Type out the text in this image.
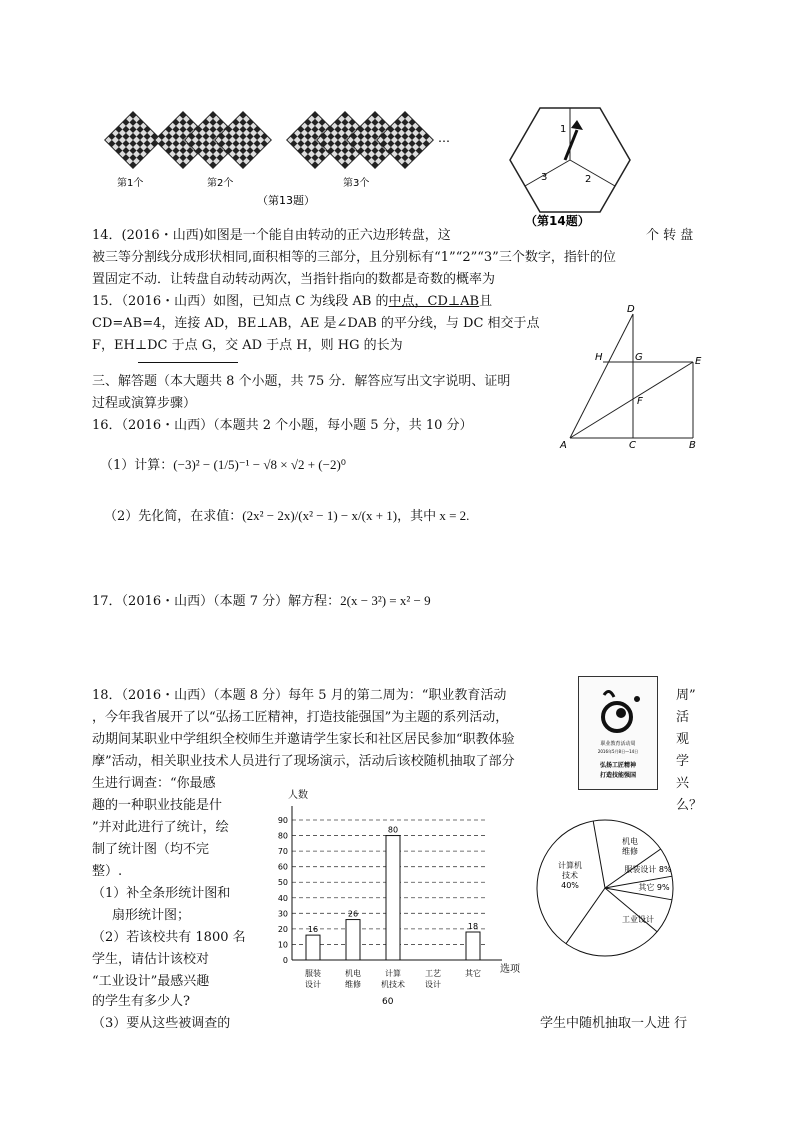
第1个	第2个	第3个
…
（第13题）
1
2
3
（第14题）
14．(2016・山西)如图是一个能自由转动的正六边形转盘，这	个 转 盘
被三等分割线分成形状相同,面积相等的三部分，且分别标有“1”“2”“3”三个数字，指针的位
置固定不动．让转盘自动转动两次，当指针指向的数都是奇数的概率为
15．（2016・山西）如图，已知点 C 为线段 AB 的中点，CD⊥AB且
CD=AB=4，连接 AD，BE⊥AB，AE 是∠DAB 的平分线，与 DC 相交于点
F，EH⊥DC 于点 G，交 AD 于点 H，则 HG 的长为
D
H	G	E
F
A	C	B
三、解答题（本大题共 8 个小题，共 75 分．解答应写出文字说明、证明
过程或演算步骤）
16．（2016・山西）（本题共 2 个小题，每小题 5 分，共 10 分）
（1）计算：(−3)² − (1/5)⁻¹ − √8 × √2 + (−2)⁰
（2）先化简，在求值：(2x² − 2x)/(x² − 1) − x/(x + 1)，其中 x = 2.
17．（2016・山西）（本题 7 分）解方程：2(x − 3²) = x² − 9
18．（2016・山西）（本题 8 分）每年 5 月的第二周为：“职业教育活动	周”
，今年我省展开了以“弘扬工匠精神，打造技能强国”为主题的系列活动，	活
动期间某职业中学组织全校师生并邀请学生家长和社区居民参加“职教体验	观
摩”活动，相关职业技术人员进行了现场演示，活动后该校随机抽取了部分	学
生进行调查：“你最感	兴
趣的一种职业技能是什	么？
”并对此进行了统计，绘
制了统计图（均不完
整）.
（1）补全条形统计图和
扇形统计图；
（2）若该校共有 1800 名
学生，请估计该校对
“工业设计”最感兴趣
的学生有多少人?
（3）要从这些被调查的	学生中随机抽取一人进 行
职业教育活动周
2016年5月8日—14日
弘扬工匠精神
打造技能强国
0
10
20
30
40
50
60
70
80
90
16
26
80
18
服装
设计
机电
维修
计算
机技术
工艺
设计
其它
人数
选项
60
计算机技术 40%
机电维修
服装设计 8%
其它 9%
工业设计
